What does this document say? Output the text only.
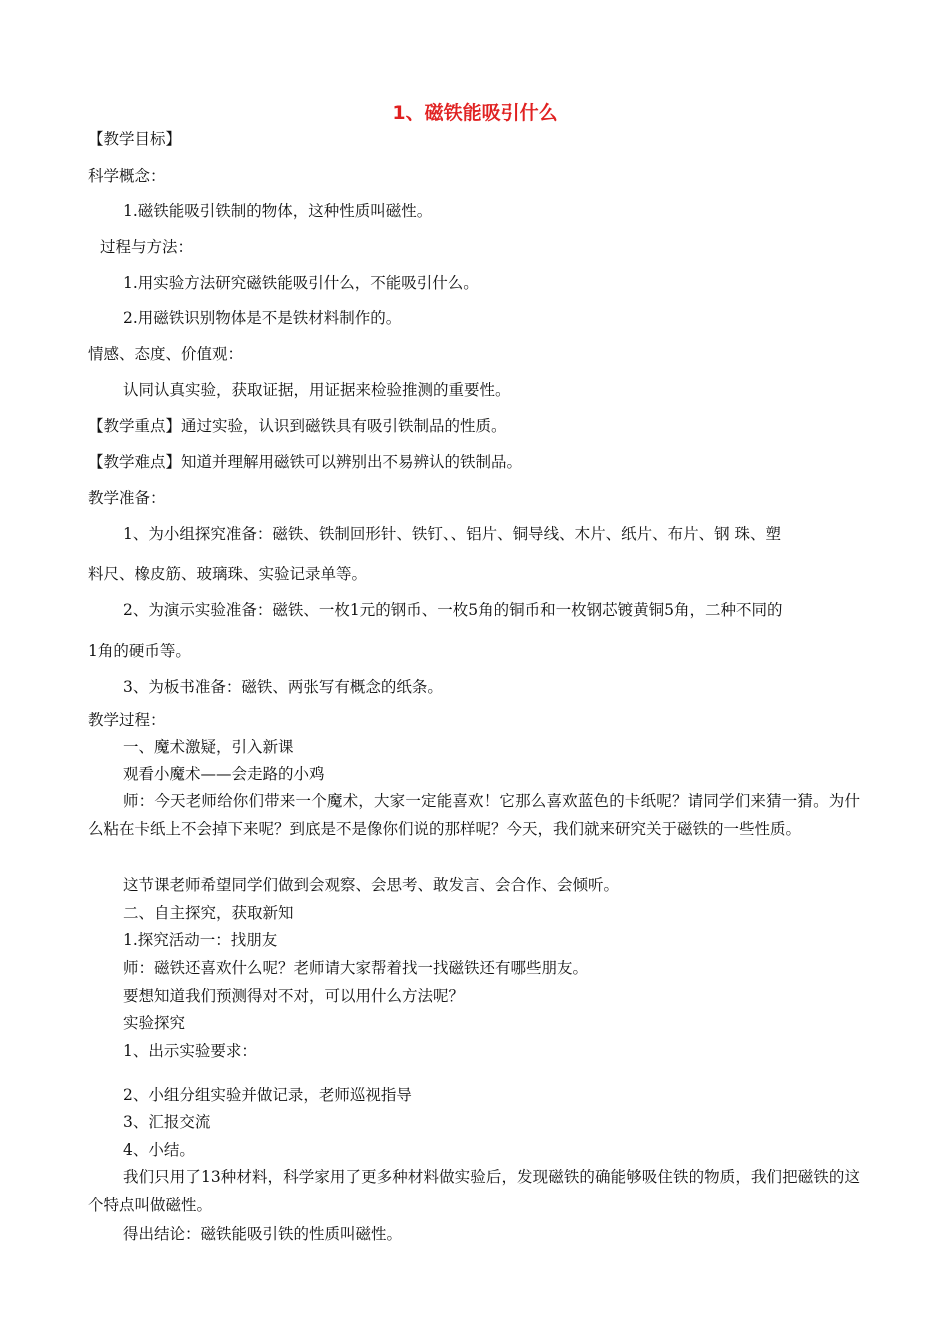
1、磁铁能吸引什么

【教学目标】

科学概念：

1.磁铁能吸引铁制的物体，这种性质叫磁性。

过程与方法：

1.用实验方法研究磁铁能吸引什么，不能吸引什么。

2.用磁铁识别物体是不是铁材料制作的。

情感、态度、价值观：

认同认真实验，获取证据，用证据来检验推测的重要性。

【教学重点】通过实验，认识到磁铁具有吸引铁制品的性质。

【教学难点】知道并理解用磁铁可以辨别出不易辨认的铁制品。

教学准备：

1、为小组探究准备：磁铁、铁制回形针、铁钉、、铝片、铜导线、木片、纸片、布片、钢 珠、塑

料尺、橡皮筋、玻璃珠、实验记录单等。

2、为演示实验准备：磁铁、一枚1元的钢币、一枚5角的铜币和一枚钢芯镀黄铜5角，二种不同的

1角的硬币等。

3、为板书准备：磁铁、两张写有概念的纸条。

教学过程：

一、魔术激疑，引入新课

观看小魔术——会走路的小鸡

师：今天老师给你们带来一个魔术，大家一定能喜欢！它那么喜欢蓝色的卡纸呢？请同学们来猜一猜。为什么粘在卡纸上不会掉下来呢？到底是不是像你们说的那样呢？今天，我们就来研究关于磁铁的一些性质。

这节课老师希望同学们做到会观察、会思考、敢发言、会合作、会倾听。

二、自主探究，获取新知

1.探究活动一：找朋友

师：磁铁还喜欢什么呢？老师请大家帮着找一找磁铁还有哪些朋友。

要想知道我们预测得对不对，可以用什么方法呢？

实验探究

1、出示实验要求：

2、小组分组实验并做记录，老师巡视指导

3、汇报交流

4、小结。

我们只用了13种材料，科学家用了更多种材料做实验后，发现磁铁的确能够吸住铁的物质，我们把磁铁的这个特点叫做磁性。

得出结论：磁铁能吸引铁的性质叫磁性。
